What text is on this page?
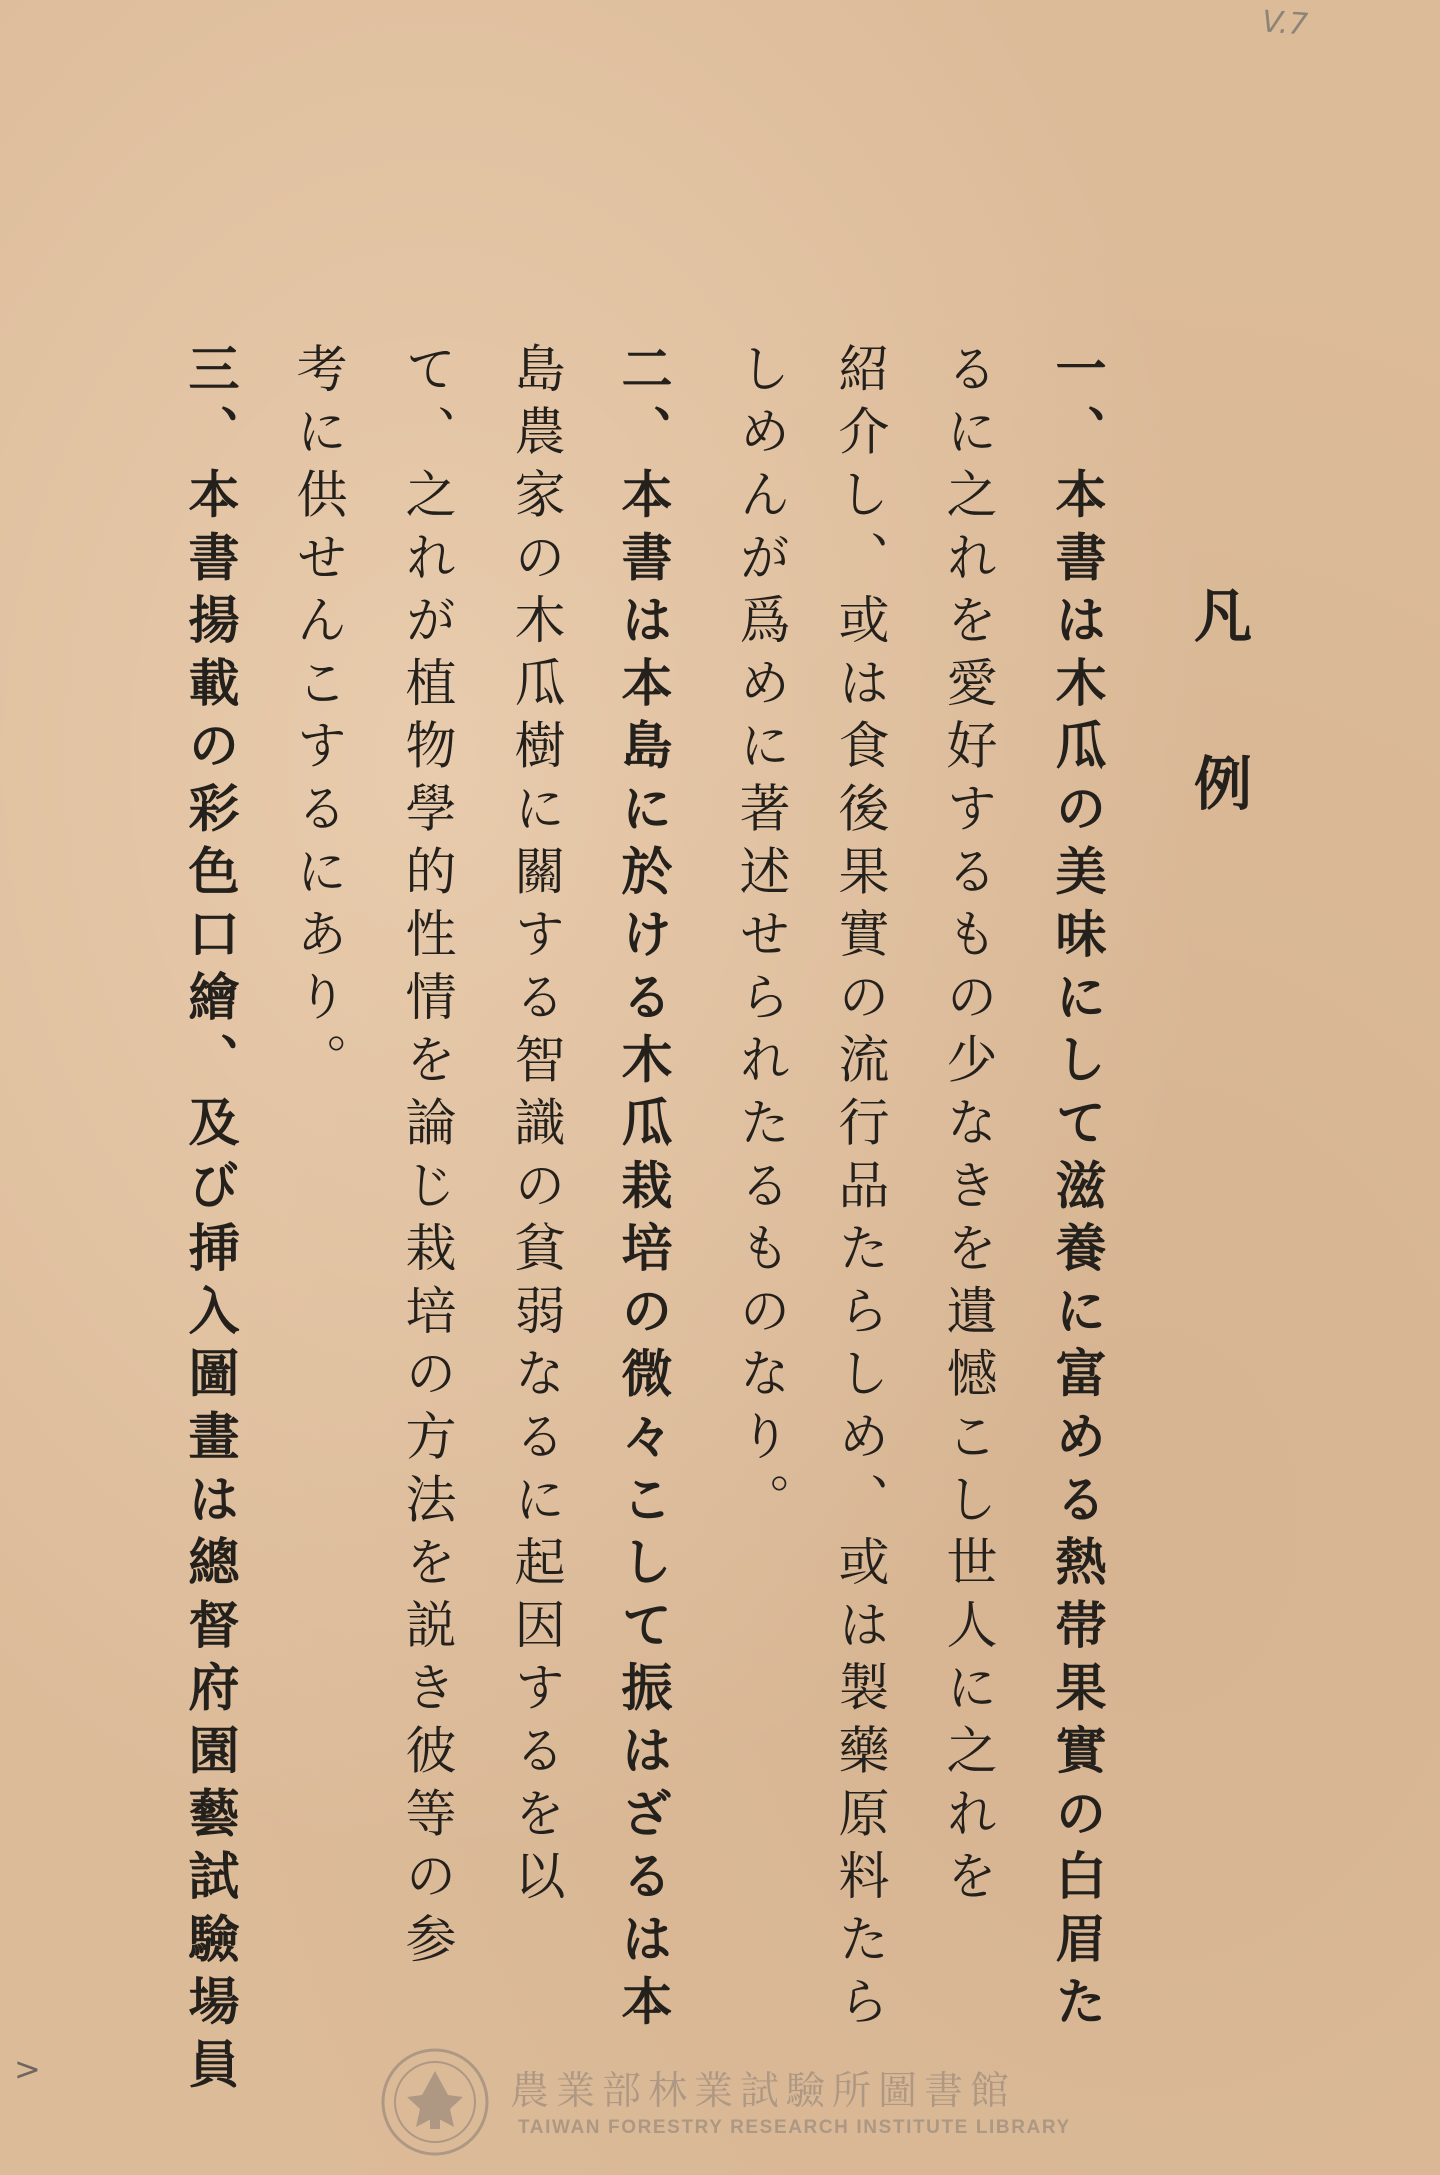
V.7
凡例
一、本書は木瓜の美味にして滋養に富める熱帯果實の白眉た
るに之れを愛好するもの少なきを遺憾こし世人に之れを
紹介し、或は食後果實の流行品たらしめ、或は製藥原料たら
しめんが爲めに著述せられたるものなり。
二、本書は本島に於ける木瓜栽培の微々こして振はざるは本
島農家の木瓜樹に關する智識の貧弱なるに起因するを以
て、之れが植物學的性情を論じ栽培の方法を説き彼等の参
考に供せんこするにあり。
三、本書揚載の彩色口繪、及び挿入圖畫は總督府園藝試驗場員
>	農業部林業試驗所圖書館
TAIWAN FORESTRY RESEARCH INSTITUTE LIBRARY
